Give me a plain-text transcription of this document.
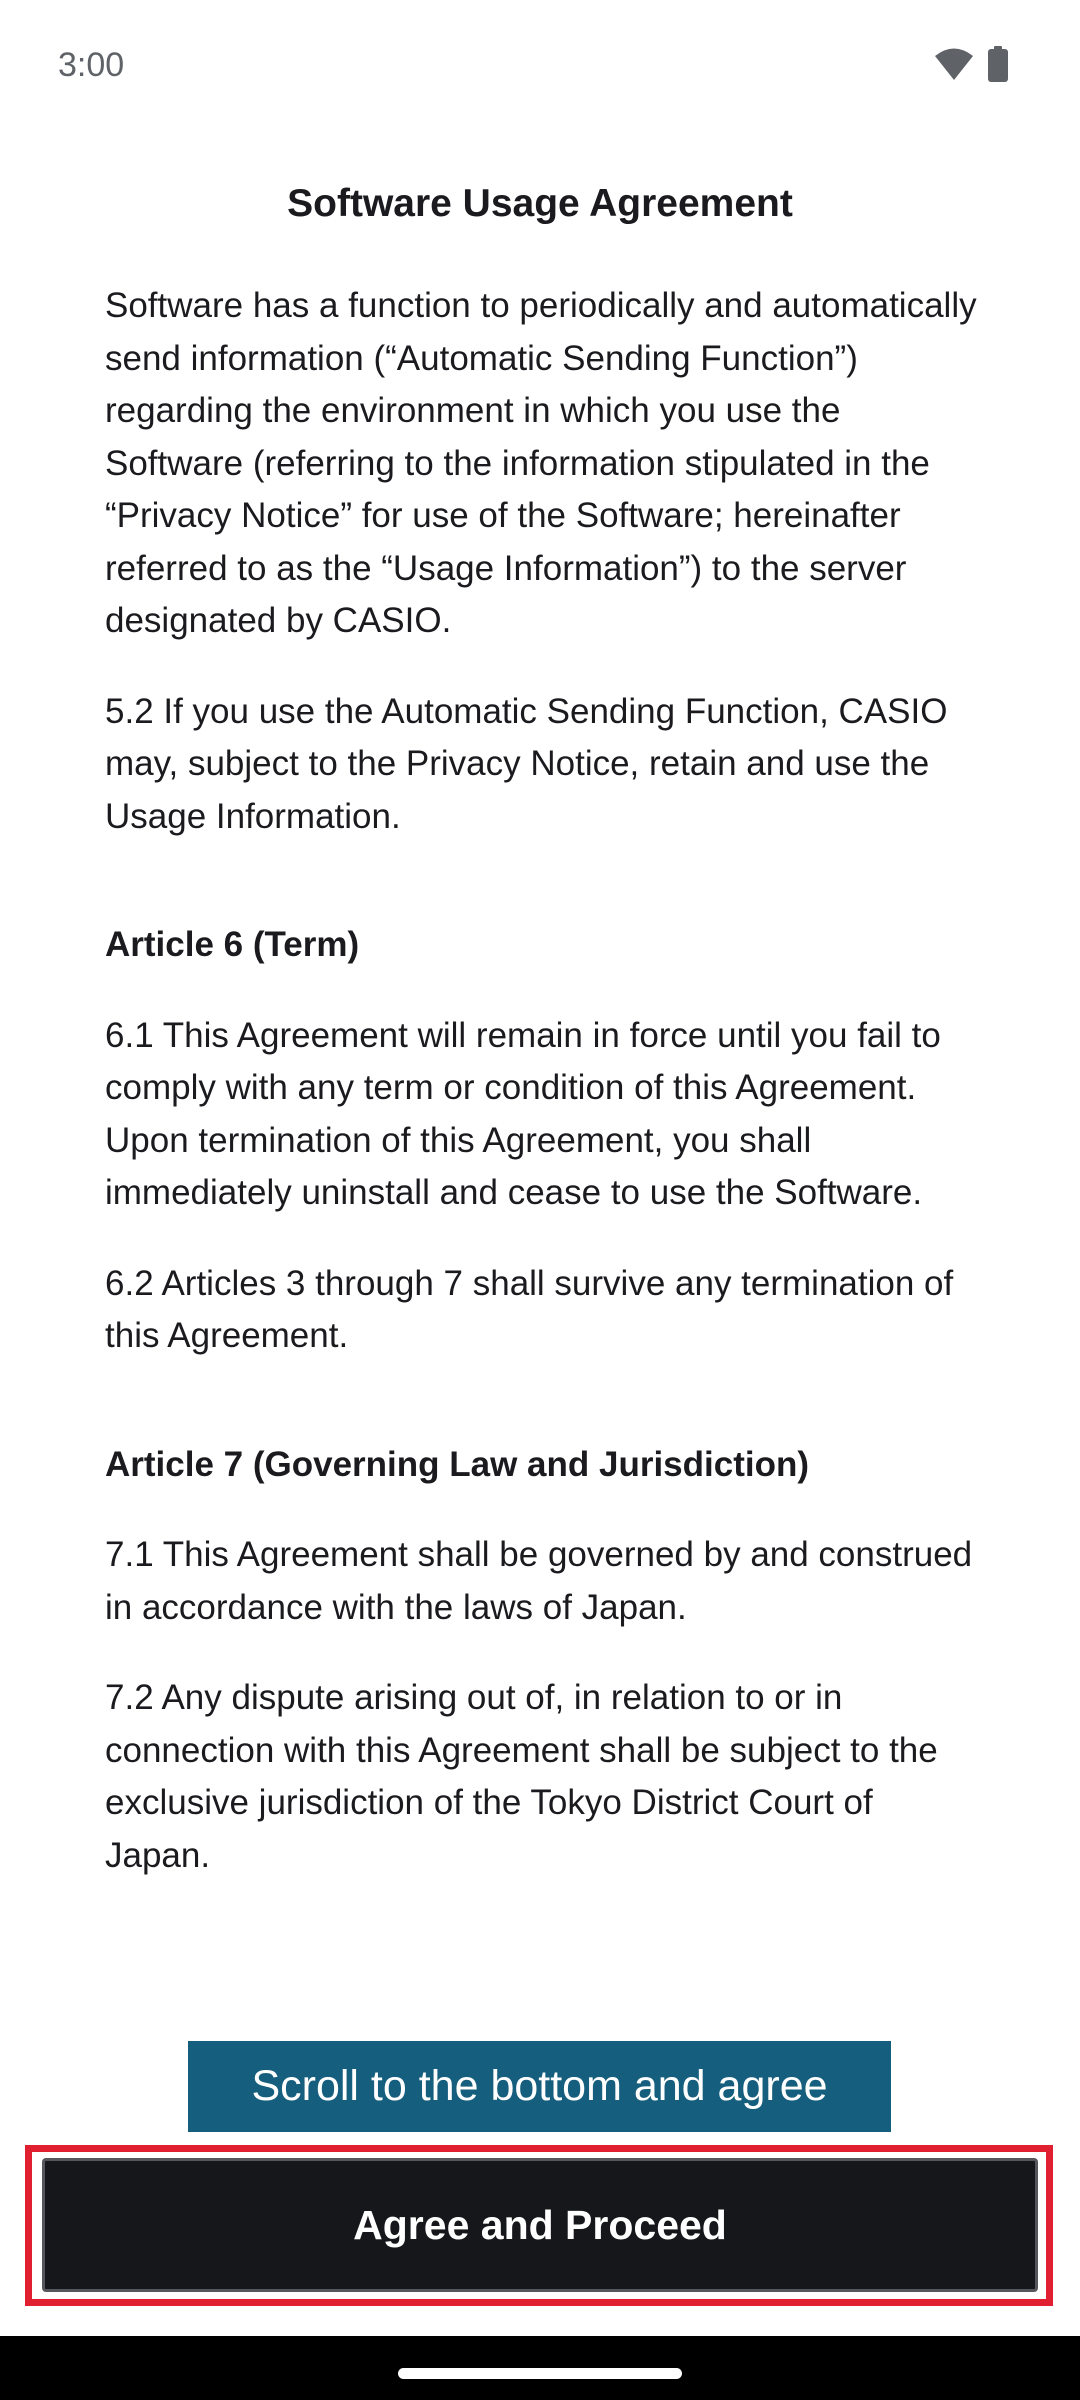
3:00
Software Usage Agreement

Software has a function to periodically and automatically send information (“Automatic Sending Function”) regarding the environment in which you use the Software (referring to the information stipulated in the “Privacy Notice” for use of the Software; hereinafter referred to as the “Usage Information”) to the server designated by CASIO.

5.2 If you use the Automatic Sending Function, CASIO may, subject to the Privacy Notice, retain and use the Usage Information.

Article 6 (Term)

6.1 This Agreement will remain in force until you fail to comply with any term or condition of this Agreement. Upon termination of this Agreement, you shall immediately uninstall and cease to use the Software.

6.2 Articles 3 through 7 shall survive any termination of this Agreement.

Article 7 (Governing Law and Jurisdiction)

7.1 This Agreement shall be governed by and construed in accordance with the laws of Japan.

7.2 Any dispute arising out of, in relation to or in connection with this Agreement shall be subject to the exclusive jurisdiction of the Tokyo District Court of Japan.

Scroll to the bottom and agree
Agree and Proceed
